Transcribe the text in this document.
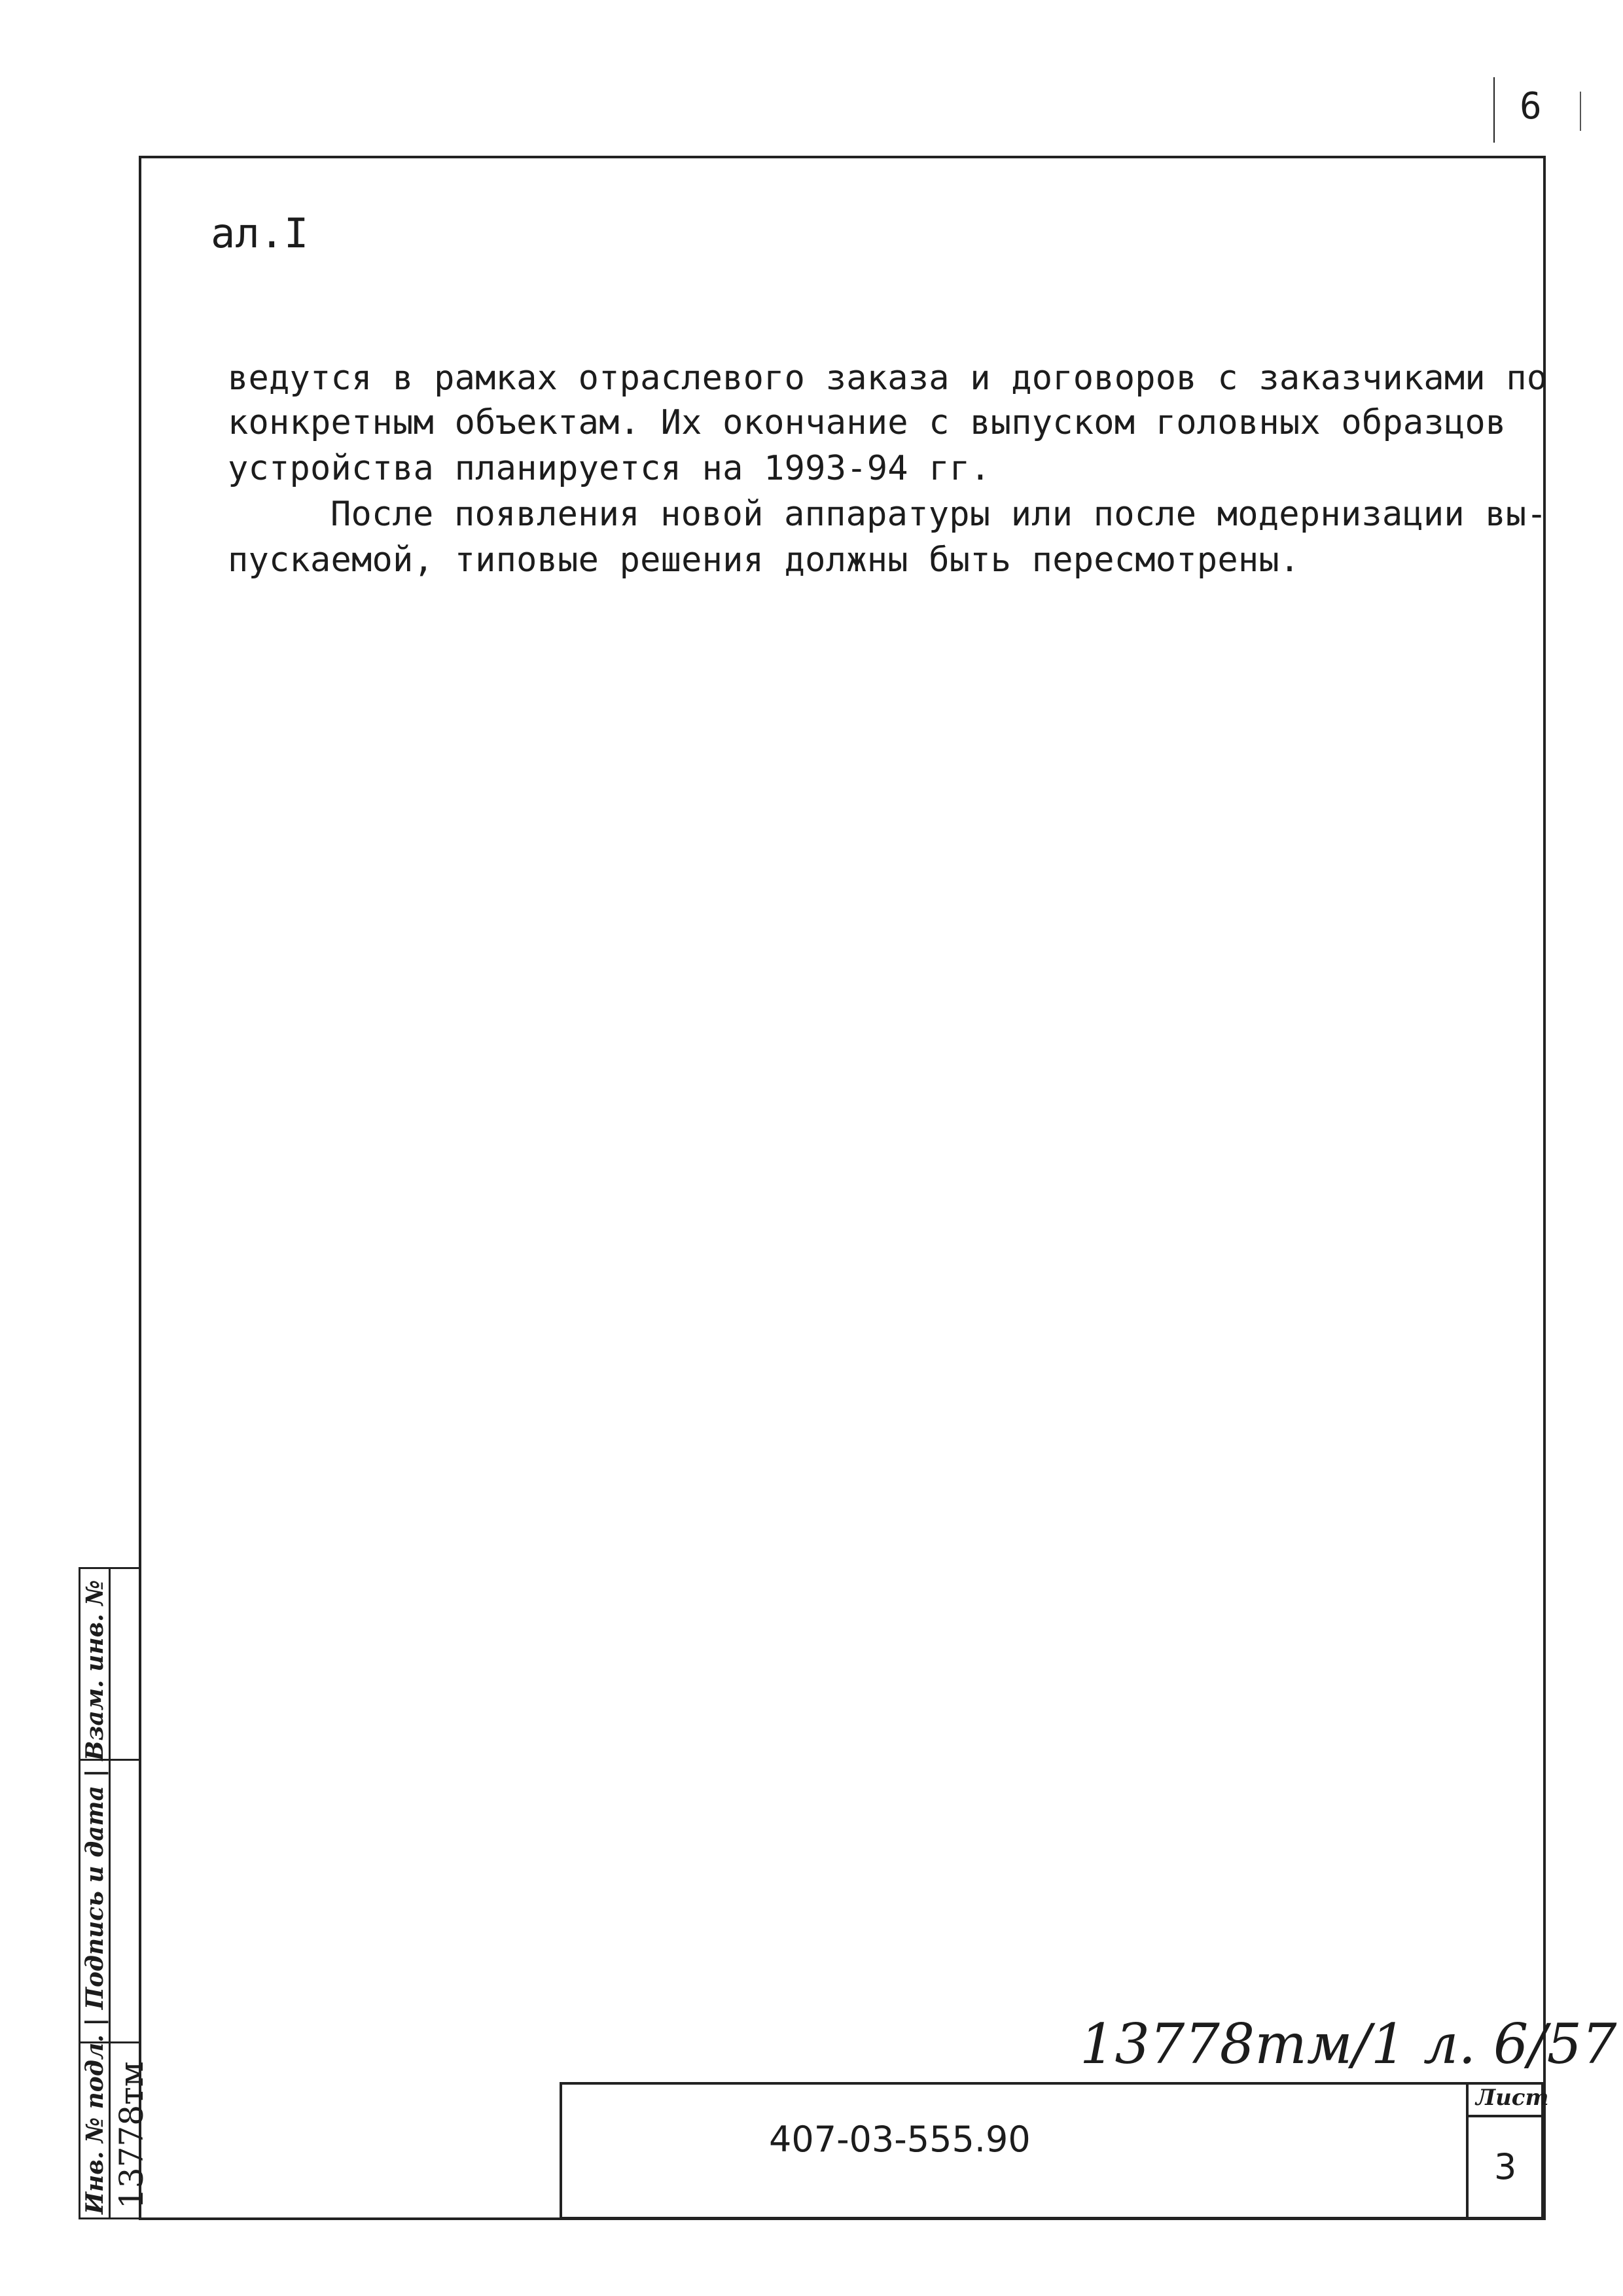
6
ал.I
ведутся в рамках отраслевого заказа и договоров с заказчиками по
конкретным объектам. Их окончание с выпуском головных образцов
устройства планируется на 1993-94 гг.
После появления новой аппаратуры или после модернизации вы-
пускаемой, типовые решения должны быть пересмотрены.
Инв. № подл. | Подпись и дата | Взам. инв. № 13778тм
13778тм/1 л. 6/57
407-03-555.90
Лист
3
